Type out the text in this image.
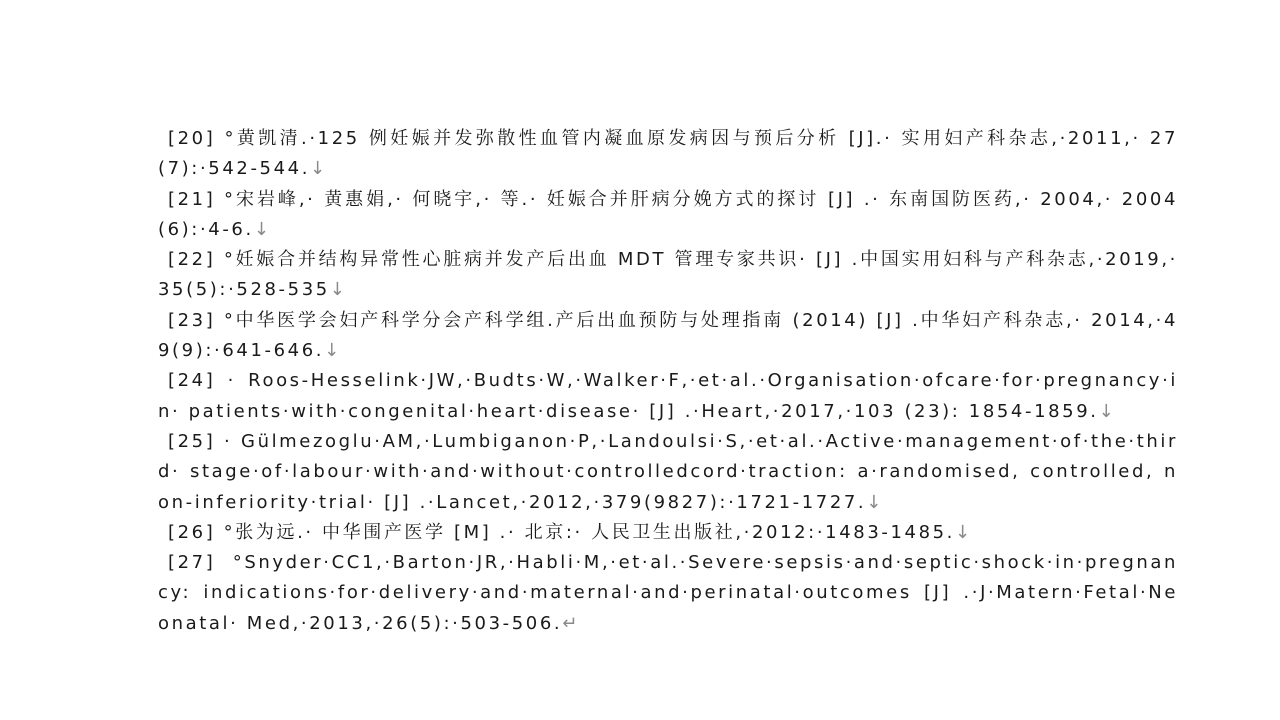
[20] °黄凯清.·125 例妊娠并发弥散性血管内凝血原发病因与预后分析 [J].· 实用妇产科杂志,·2011,· 27(7):·542-544.↓
[21] °宋岩峰,· 黄惠娟,· 何晓宇,· 等.· 妊娠合并肝病分娩方式的探讨 [J] .· 东南国防医药,· 2004,· 2004(6):·4-6.↓
[22] °妊娠合并结构异常性心脏病并发产后出血 MDT 管理专家共识· [J] .中国实用妇科与产科杂志,·2019,·35(5):·528-535↓
[23] °中华医学会妇产科学分会产科学组.产后出血预防与处理指南 (2014) [J] .中华妇产科杂志,· 2014,·49(9):·641-646.↓
[24] · Roos-Hesselink·JW,·Budts·W,·Walker·F,·et·al.·Organisation·ofcare·for·pregnancy·in· patients·with·congenital·heart·disease· [J] .·Heart,·2017,·103 (23): 1854-1859.↓
[25] · Gülmezoglu·AM,·Lumbiganon·P,·Landoulsi·S,·et·al.·Active·management·of·the·third· stage·of·labour·with·and·without·controlledcord·traction: a·randomised, controlled, non-inferiority·trial· [J] .·Lancet,·2012,·379(9827):·1721-1727.↓
[26] °张为远.· 中华围产医学 [M] .· 北京:· 人民卫生出版社,·2012:·1483-1485.↓
[27] °Snyder·CC1,·Barton·JR,·Habli·M,·et·al.·Severe·sepsis·and·septic·shock·in·pregnancy: indications·for·delivery·and·maternal·and·perinatal·outcomes [J] .·J·Matern·Fetal·Neonatal· Med,·2013,·26(5):·503-506.↵
